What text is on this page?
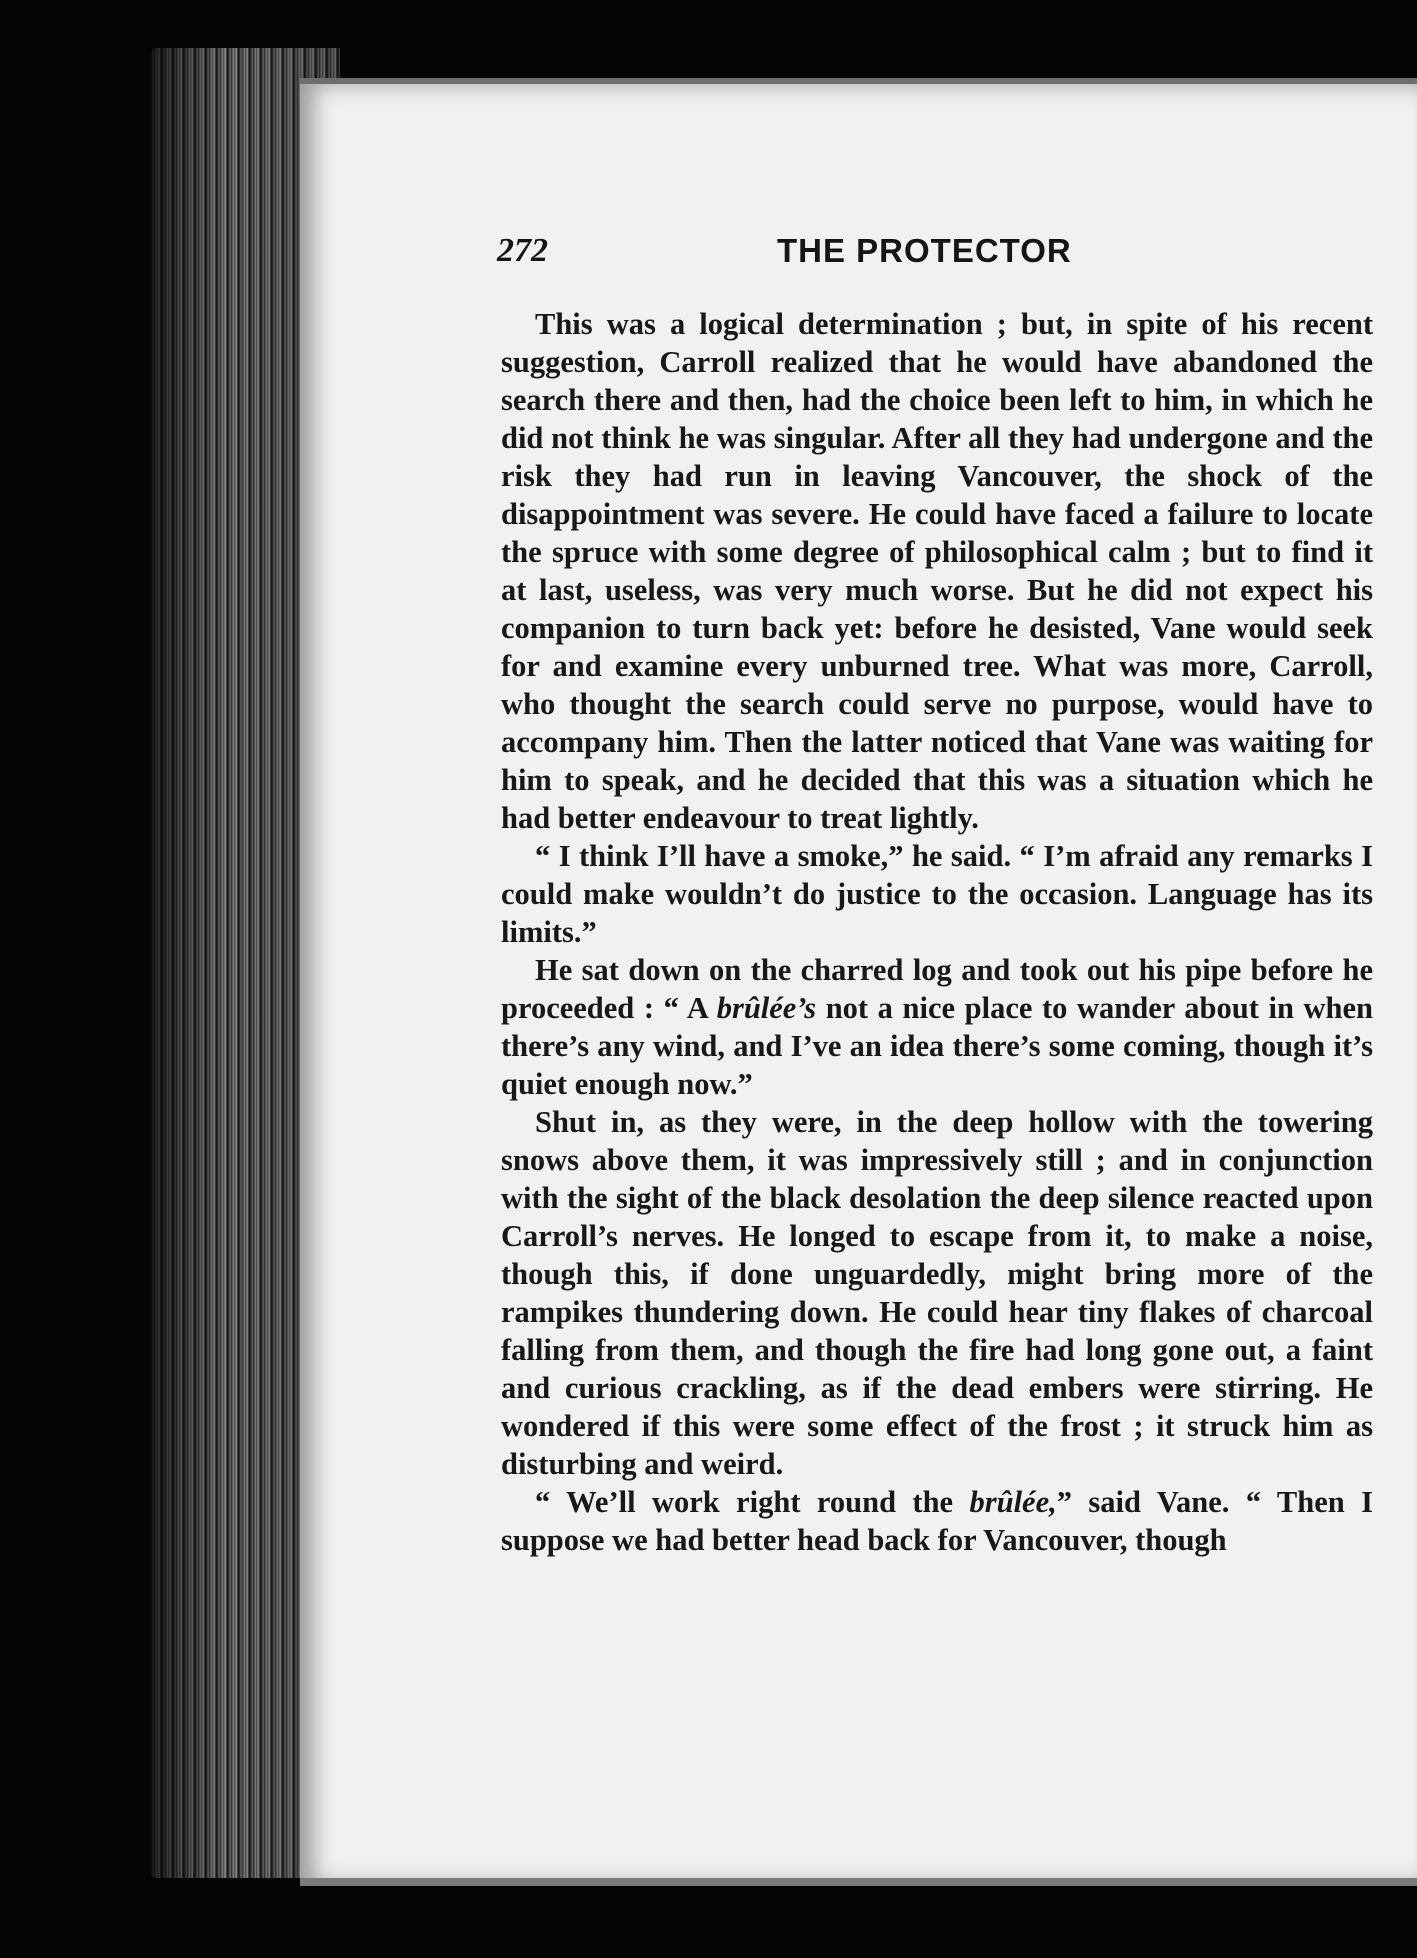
272	THE PROTECTOR

This was a logical determination ; but, in spite of his recent suggestion, Carroll realized that he would have abandoned the search there and then, had the choice been left to him, in which he did not think he was singular. After all they had undergone and the risk they had run in leaving Vancouver, the shock of the disappointment was severe. He could have faced a failure to locate the spruce with some degree of philosophical calm ; but to find it at last, useless, was very much worse. But he did not expect his companion to turn back yet: before he desisted, Vane would seek for and examine every unburned tree. What was more, Carroll, who thought the search could serve no purpose, would have to accompany him. Then the latter noticed that Vane was waiting for him to speak, and he decided that this was a situation which he had better endeavour to treat lightly.

“ I think I’ll have a smoke,” he said. “ I’m afraid any remarks I could make wouldn’t do justice to the occasion. Language has its limits.”

He sat down on the charred log and took out his pipe before he proceeded : “ A brûlée’s not a nice place to wander about in when there’s any wind, and I’ve an idea there’s some coming, though it’s quiet enough now.”

Shut in, as they were, in the deep hollow with the towering snows above them, it was impressively still ; and in conjunction with the sight of the black desolation the deep silence reacted upon Carroll’s nerves. He longed to escape from it, to make a noise, though this, if done unguardedly, might bring more of the rampikes thundering down. He could hear tiny flakes of charcoal falling from them, and though the fire had long gone out, a faint and curious crackling, as if the dead embers were stirring. He wondered if this were some effect of the frost ; it struck him as disturbing and weird.

“ We’ll work right round the brûlée,” said Vane. “ Then I suppose we had better head back for Vancouver, though
